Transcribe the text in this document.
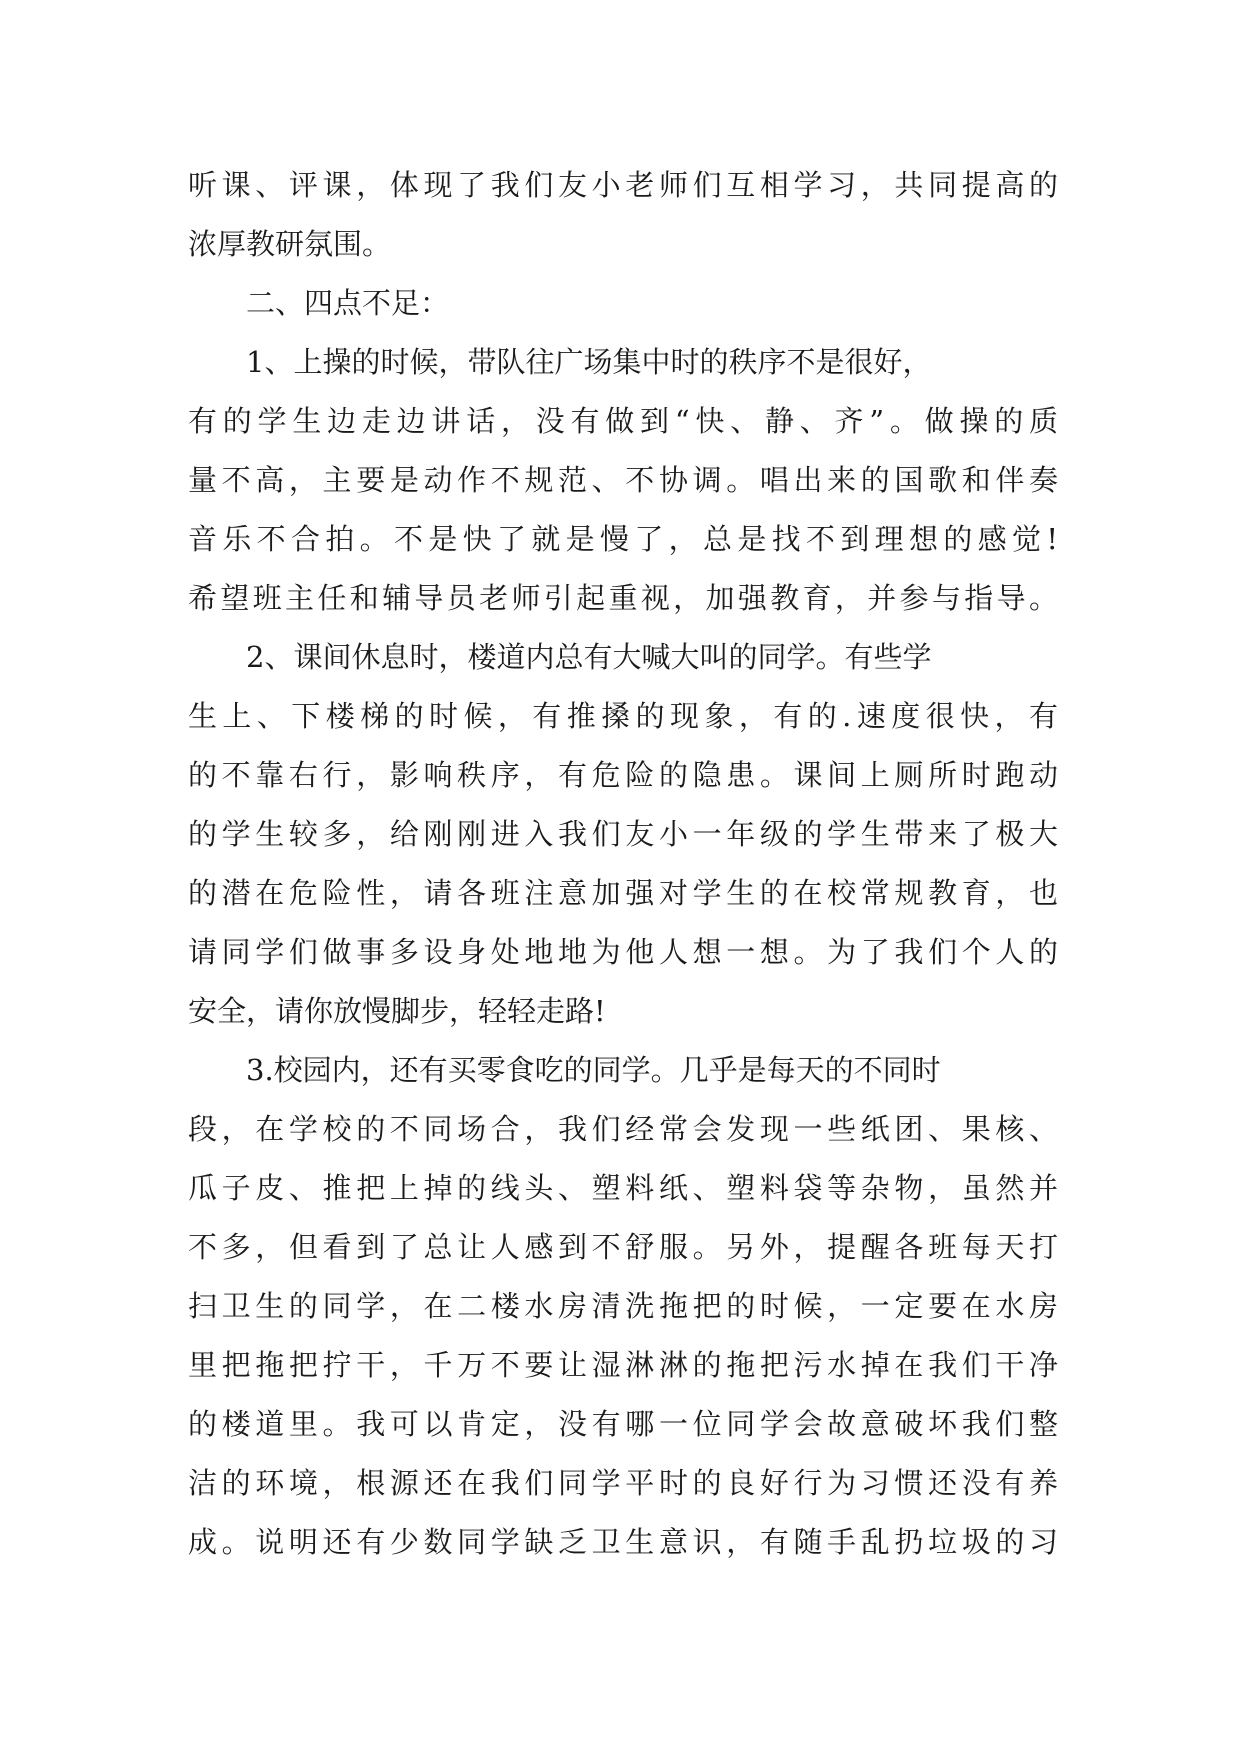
听课、评课，体现了我们友小老师们互相学习，共同提高的
浓厚教研氛围。
二、四点不足：
1、上操的时候，带队往广场集中时的秩序不是很好，
有的学生边走边讲话，没有做到“快、静、齐”。做操的质
量不高，主要是动作不规范、不协调。唱出来的国歌和伴奏
音乐不合拍。不是快了就是慢了，总是找不到理想的感觉!
希望班主任和辅导员老师引起重视，加强教育，并参与指导。
2、课间休息时，楼道内总有大喊大叫的同学。有些学
生上、下楼梯的时候，有推搡的现象，有的.速度很快，有
的不靠右行，影响秩序，有危险的隐患。课间上厕所时跑动
的学生较多，给刚刚进入我们友小一年级的学生带来了极大
的潜在危险性，请各班注意加强对学生的在校常规教育，也
请同学们做事多设身处地地为他人想一想。为了我们个人的
安全，请你放慢脚步，轻轻走路!
3.校园内，还有买零食吃的同学。几乎是每天的不同时
段，在学校的不同场合，我们经常会发现一些纸团、果核、
瓜子皮、推把上掉的线头、塑料纸、塑料袋等杂物，虽然并
不多，但看到了总让人感到不舒服。另外，提醒各班每天打
扫卫生的同学，在二楼水房清洗拖把的时候，一定要在水房
里把拖把拧干，千万不要让湿淋淋的拖把污水掉在我们干净
的楼道里。我可以肯定，没有哪一位同学会故意破坏我们整
洁的环境，根源还在我们同学平时的良好行为习惯还没有养
成。说明还有少数同学缺乏卫生意识，有随手乱扔垃圾的习
